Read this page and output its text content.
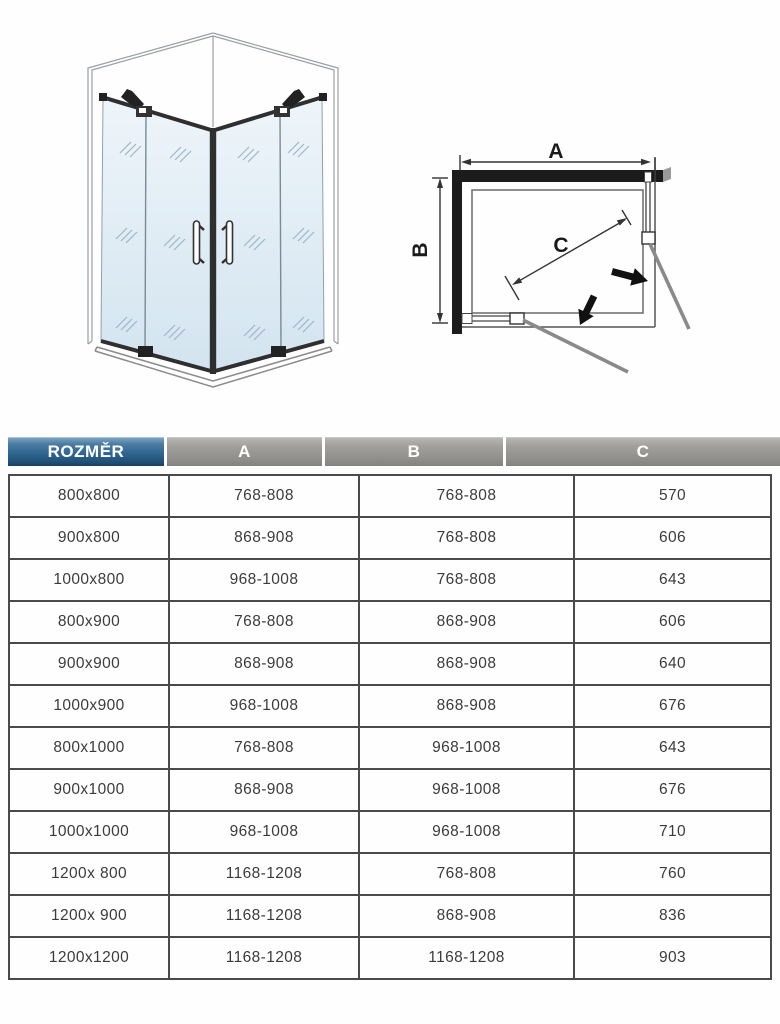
A
B	C
ROZMĚR	A	B	C
800x800	768-808	768-808	570
900x800	868-908	768-808	606
1000x800	968-1008	768-808	643
800x900	768-808	868-908	606
900x900	868-908	868-908	640
1000x900	968-1008	868-908	676
800x1000	768-808	968-1008	643
900x1000	868-908	968-1008	676
1000x1000	968-1008	968-1008	710
1200x 800	1168-1208	768-808	760
1200x 900	1168-1208	868-908	836
1200x1200	1168-1208	1168-1208	903
